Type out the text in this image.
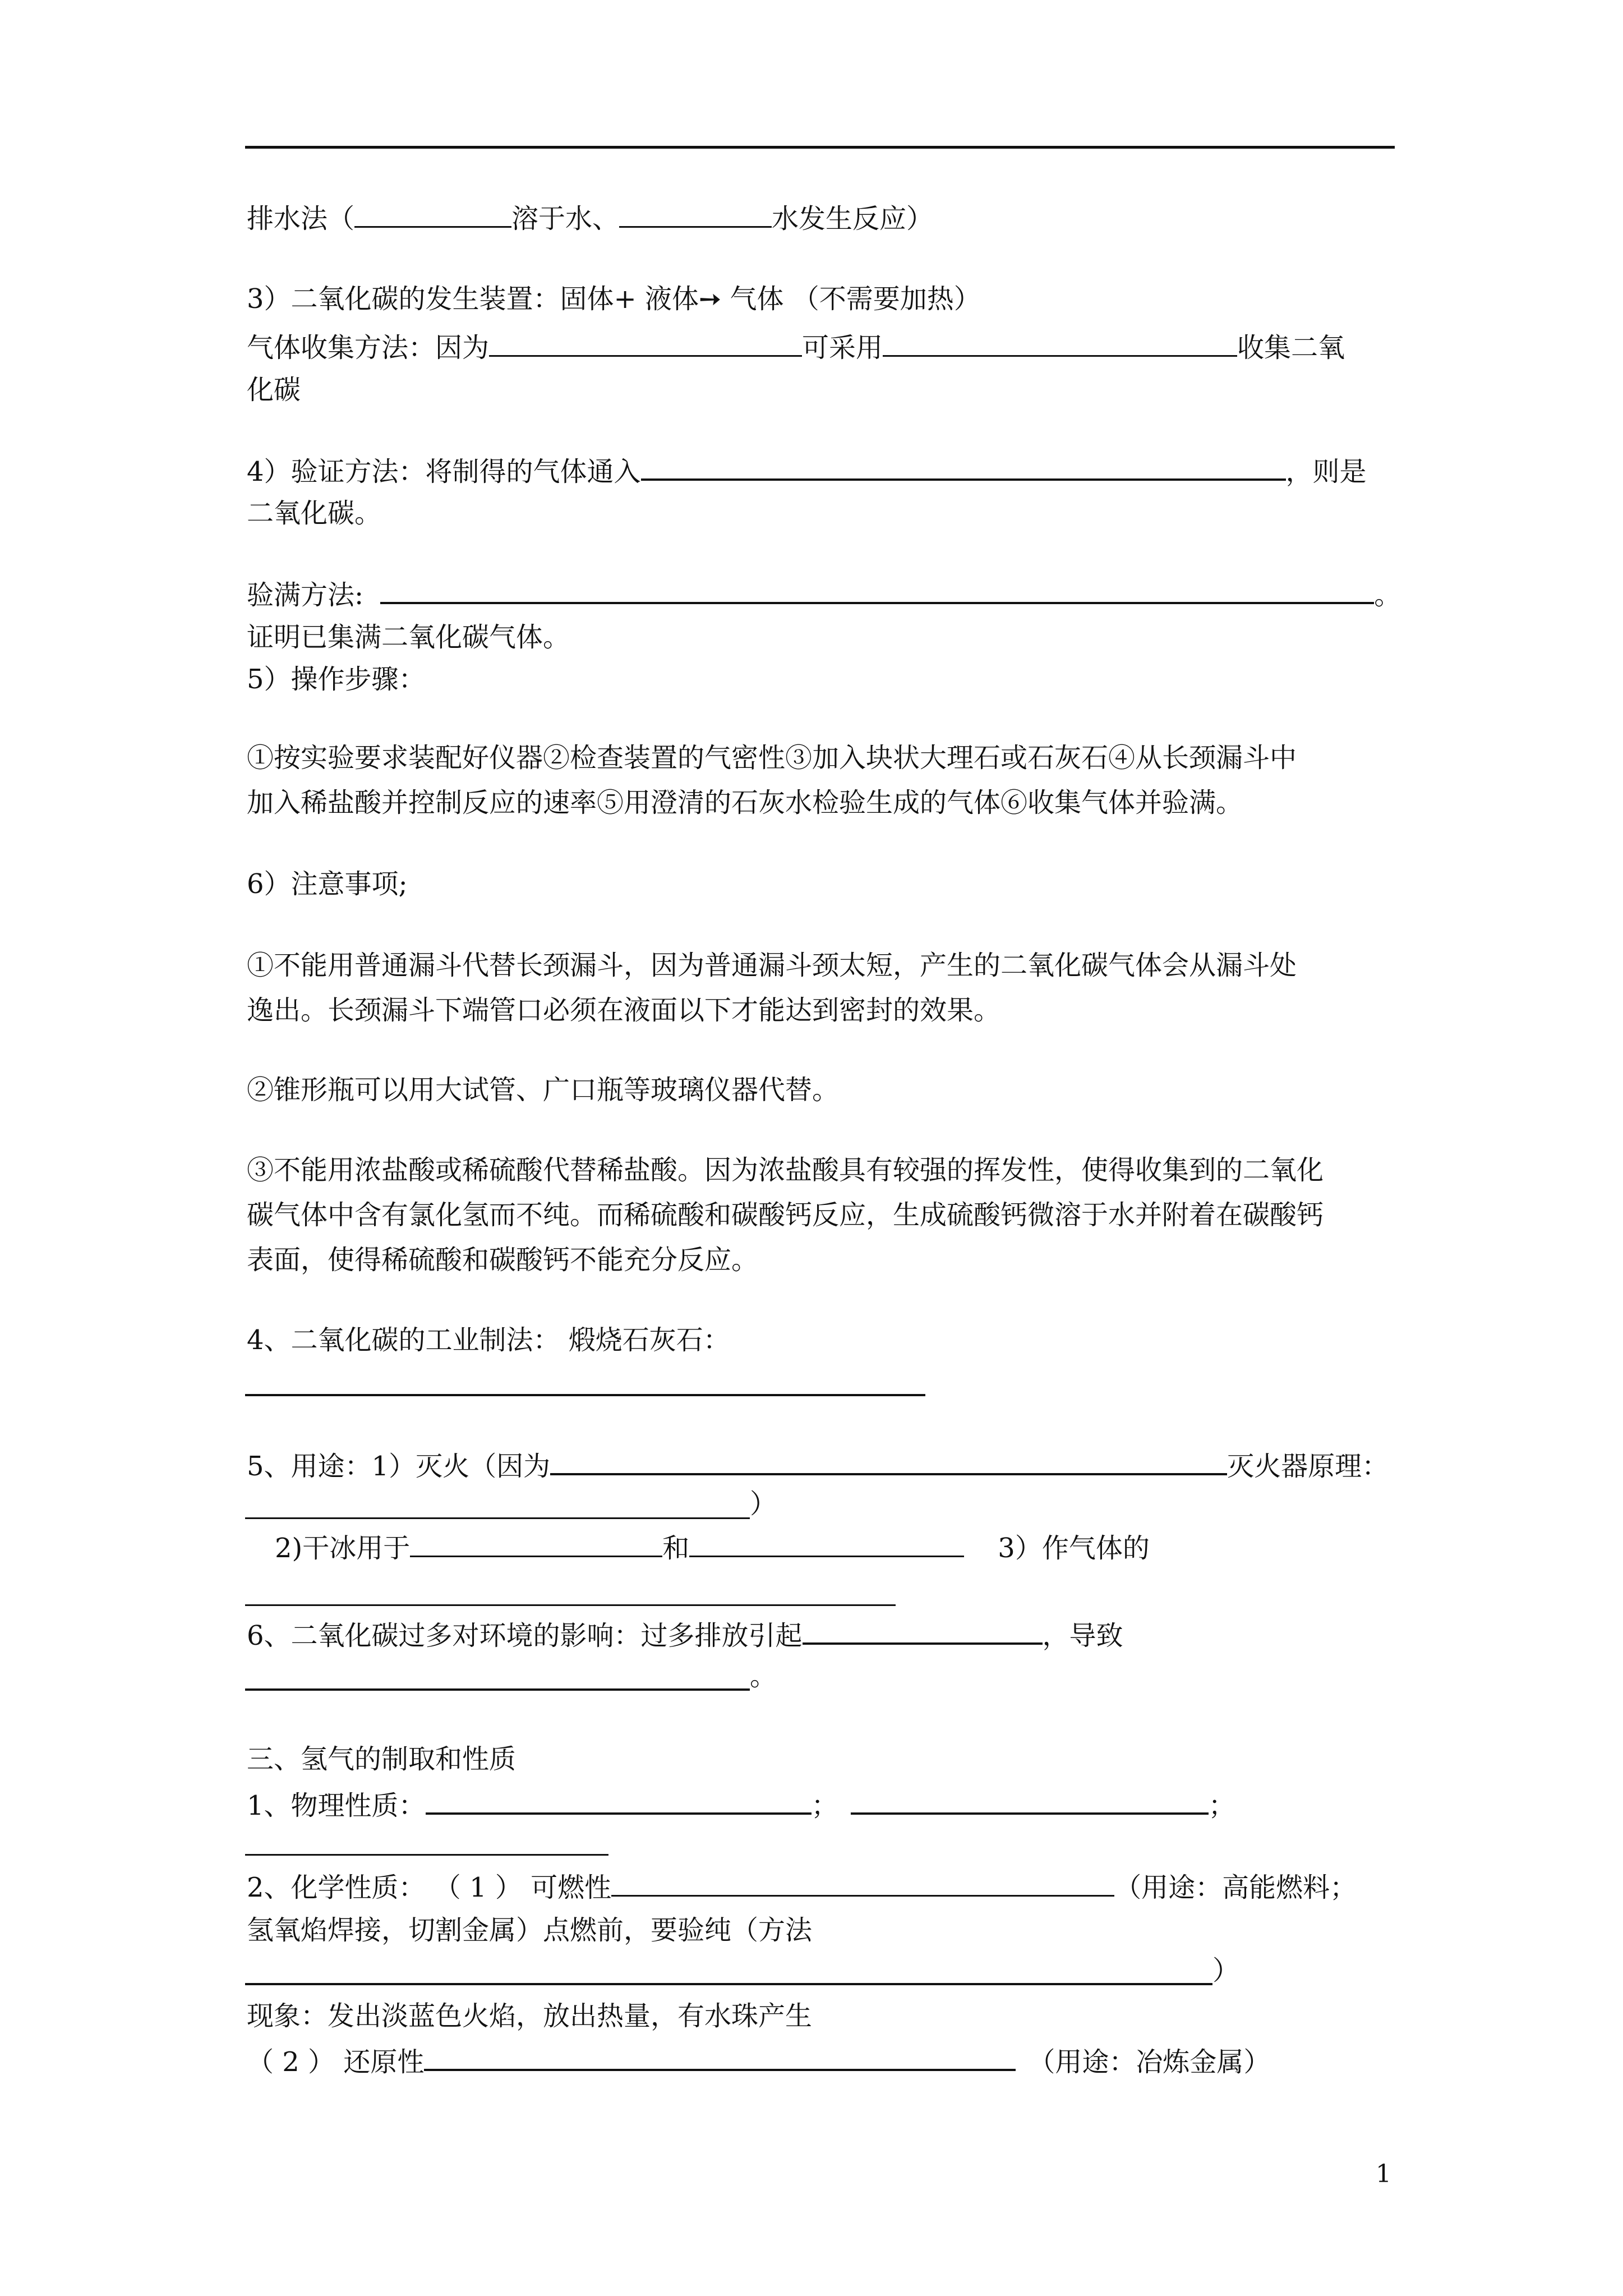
排水法（	溶于水、	水发生反应）
3）二氧化碳的发生装置：固体+ 液体➙ 气体 （不需要加热）
气体收集方法：因为	可采用	收集二氧
化碳
4）验证方法：将制得的气体通入	，则是
二氧化碳。
验满方法:	。
证明已集满二氧化碳气体。
5）操作步骤：
①按实验要求装配好仪器②检查装置的气密性③加入块状大理石或石灰石④从长颈漏斗中
加入稀盐酸并控制反应的速率⑤用澄清的石灰水检验生成的气体⑥收集气体并验满。
6）注意事项;
①不能用普通漏斗代替长颈漏斗，因为普通漏斗颈太短，产生的二氧化碳气体会从漏斗处
逸出。长颈漏斗下端管口必须在液面以下才能达到密封的效果。
②锥形瓶可以用大试管、广口瓶等玻璃仪器代替。
③不能用浓盐酸或稀硫酸代替稀盐酸。因为浓盐酸具有较强的挥发性，使得收集到的二氧化
碳气体中含有氯化氢而不纯。而稀硫酸和碳酸钙反应，生成硫酸钙微溶于水并附着在碳酸钙
表面，使得稀硫酸和碳酸钙不能充分反应。
4、二氧化碳的工业制法： 煅烧石灰石：
5、用途：1）灭火（因为	灭火器原理：
）
2)干冰用于	和	3）作气体的
6、二氧化碳过多对环境的影响：过多排放引起	，导致
。
三、氢气的制取和性质
1、物理性质：	；	；
2、化学性质： （ 1 ） 可燃性	（用途：高能燃料；
氢氧焰焊接，切割金属）点燃前，要验纯（方法
）
现象：发出淡蓝色火焰，放出热量，有水珠产生
（ 2 ） 还原性	（用途：冶炼金属）
1
